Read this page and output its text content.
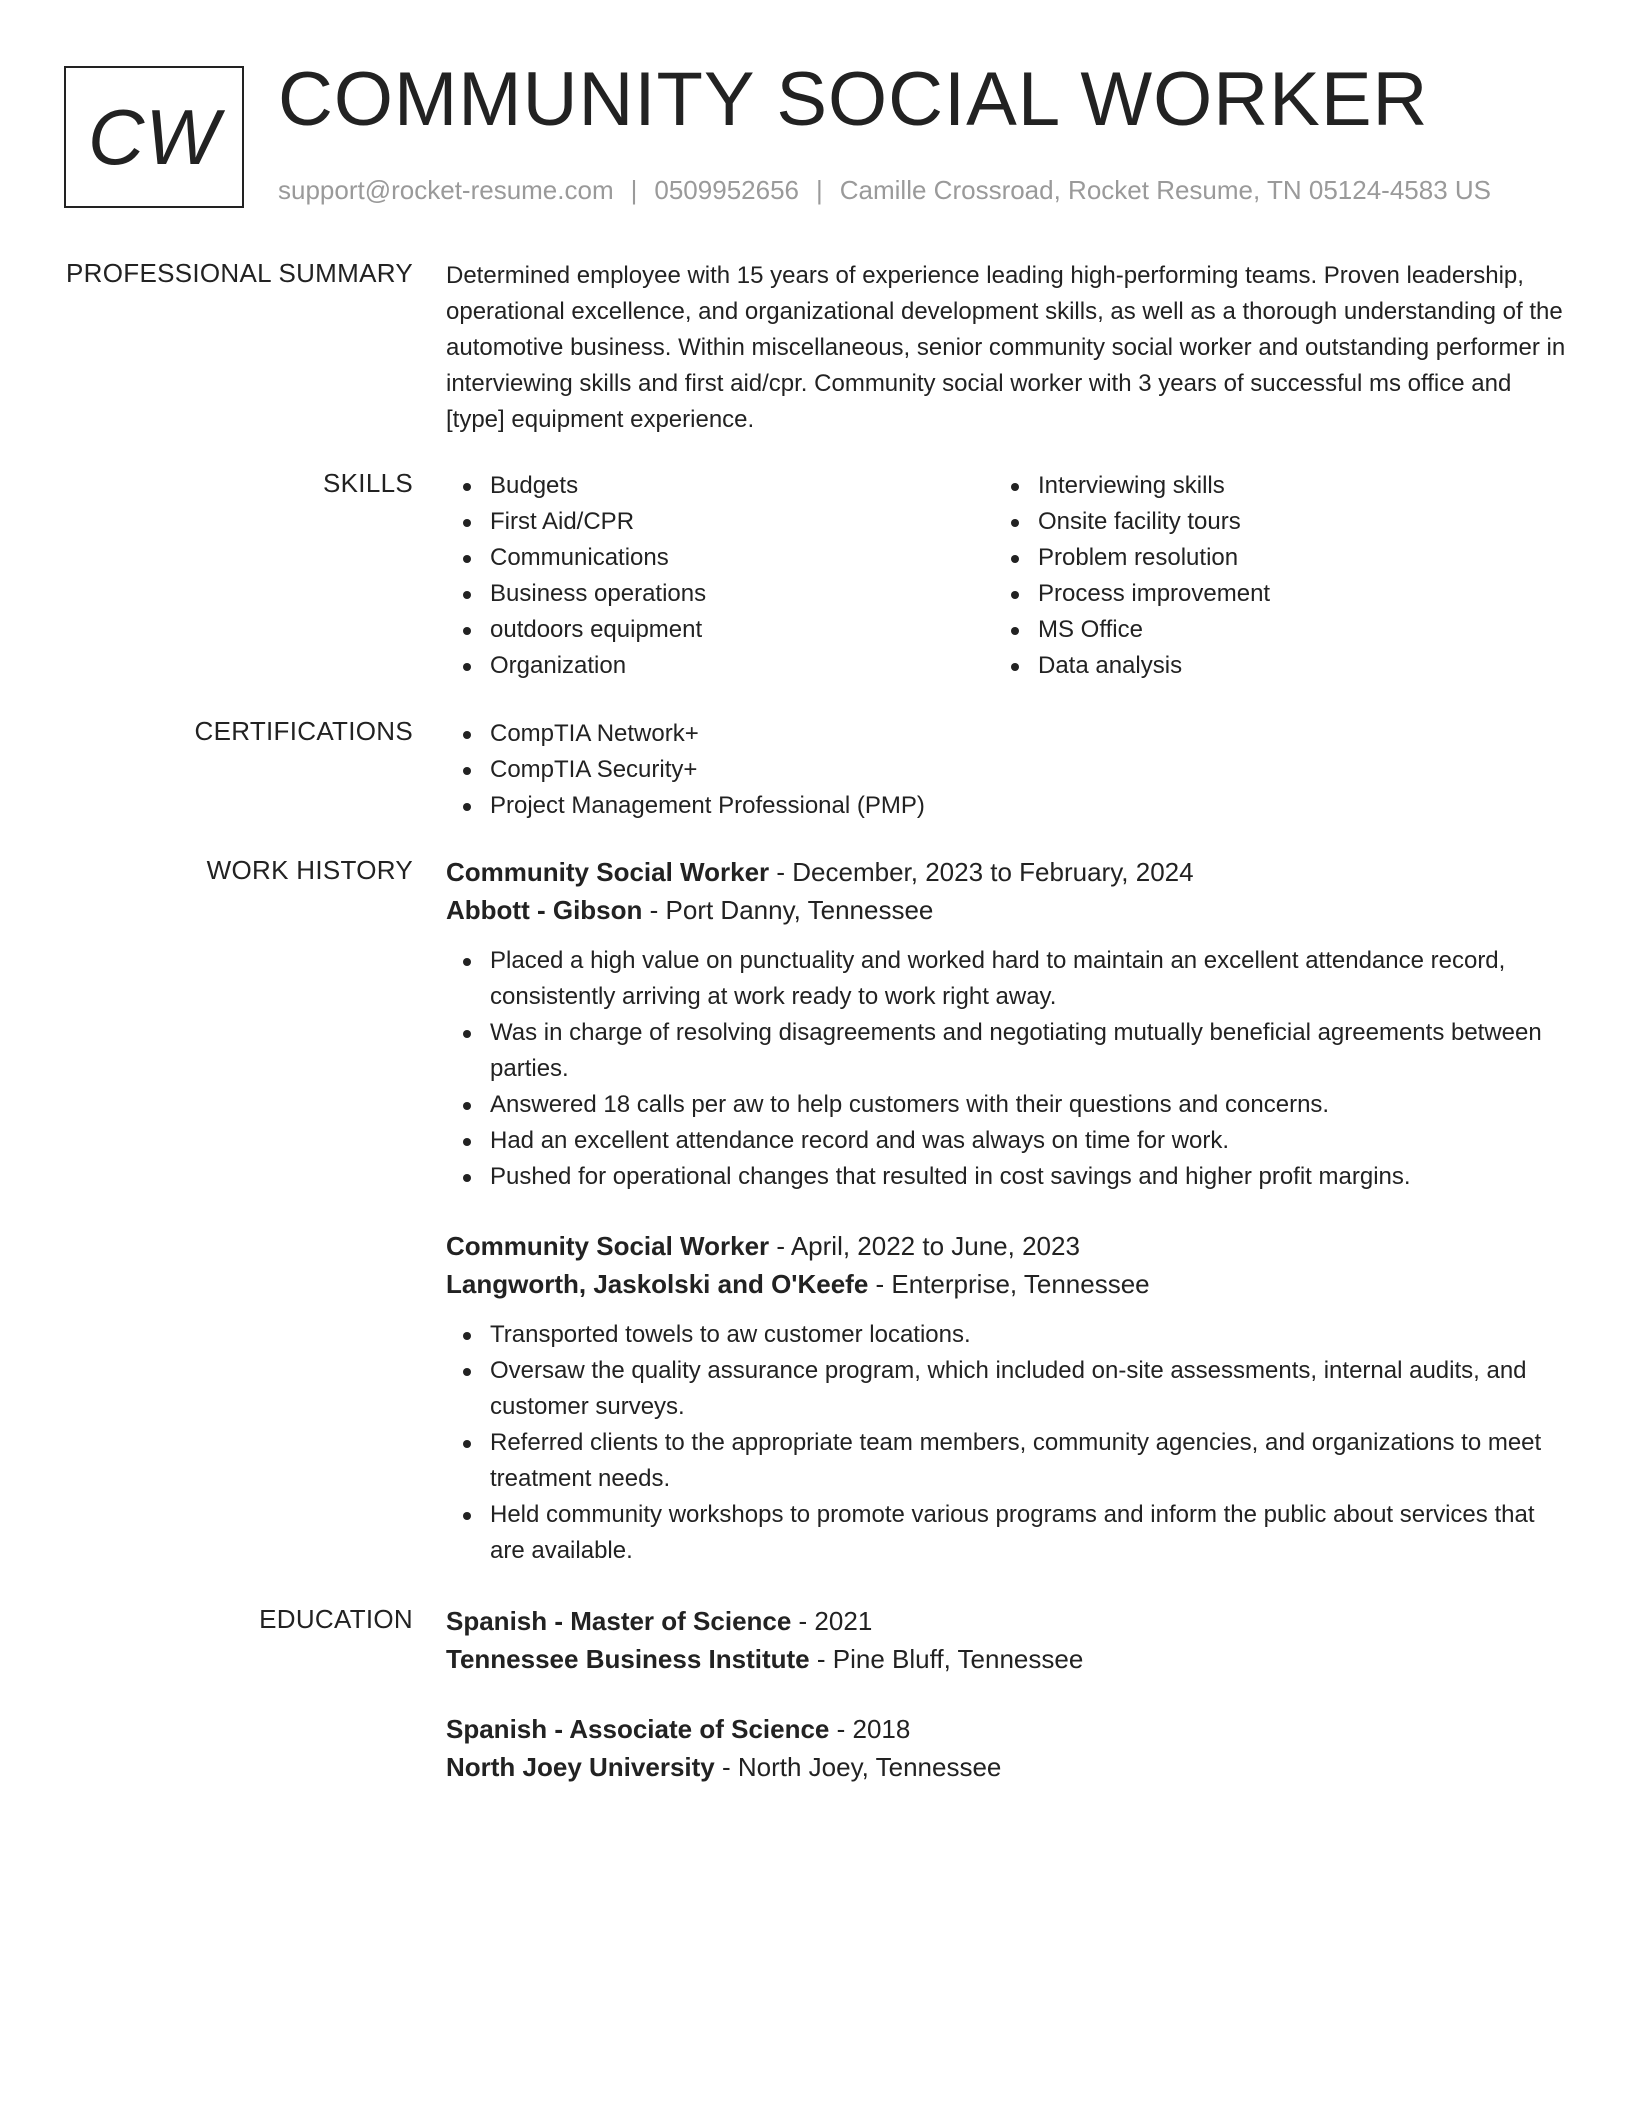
CW COMMUNITY SOCIAL WORKER
support@rocket-resume.com | 0509952656 | Camille Crossroad, Rocket Resume, TN 05124-4583 US
PROFESSIONAL SUMMARY Determined employee with 15 years of experience leading high-performing teams. Proven leadership, operational excellence, and organizational development skills, as well as a thorough understanding of the automotive business. Within miscellaneous, senior community social worker and outstanding performer in interviewing skills and first aid/cpr. Community social worker with 3 years of successful ms office and [type] equipment experience.
SKILLS	Budgets
First Aid/CPR
Communications
Business operations
outdoors equipment
Organization
Interviewing skills
Onsite facility tours
Problem resolution
Process improvement
MS Office
Data analysis
CERTIFICATIONS	CompTIA Network+
CompTIA Security+
Project Management Professional (PMP)
WORK HISTORY Community Social Worker - December, 2023 to February, 2024
Abbott - Gibson - Port Danny, Tennessee
Placed a high value on punctuality and worked hard to maintain an excellent attendance record, consistently arriving at work ready to work right away.
Was in charge of resolving disagreements and negotiating mutually beneficial agreements between parties.
Answered 18 calls per aw to help customers with their questions and concerns.
Had an excellent attendance record and was always on time for work.
Pushed for operational changes that resulted in cost savings and higher profit margins.
Community Social Worker - April, 2022 to June, 2023
Langworth, Jaskolski and O'Keefe - Enterprise, Tennessee
Transported towels to aw customer locations.
Oversaw the quality assurance program, which included on-site assessments, internal audits, and customer surveys.
Referred clients to the appropriate team members, community agencies, and organizations to meet treatment needs.
Held community workshops to promote various programs and inform the public about services that are available.
EDUCATION Spanish - Master of Science - 2021
Tennessee Business Institute - Pine Bluff, Tennessee
Spanish - Associate of Science - 2018
North Joey University - North Joey, Tennessee
